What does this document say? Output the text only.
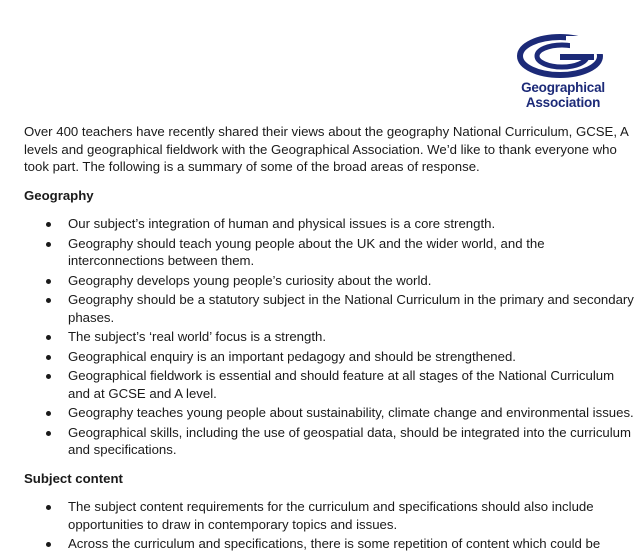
Geographical
Association

Over 400 teachers have recently shared their views about the geography National Curriculum, GCSE, A levels and geographical fieldwork with the Geographical Association. We’d like to thank everyone who took part. The following is a summary of some of the broad areas of response.

Geography
Our subject’s integration of human and physical issues is a core strength.
Geography should teach young people about the UK and the wider world, and the interconnections between them.
Geography develops young people’s curiosity about the world.
Geography should be a statutory subject in the National Curriculum in the primary and secondary phases.
The subject’s ‘real world’ focus is a strength.
Geographical enquiry is an important pedagogy and should be strengthened.
Geographical fieldwork is essential and should feature at all stages of the National Curriculum and at GCSE and A level.
Geography teaches young people about sustainability, climate change and environmental issues.
Geographical skills, including the use of geospatial data, should be integrated into the curriculum and specifications.
Subject content
The subject content requirements for the curriculum and specifications should also include opportunities to draw in contemporary topics and issues.
Across the curriculum and specifications, there is some repetition of content which could be
